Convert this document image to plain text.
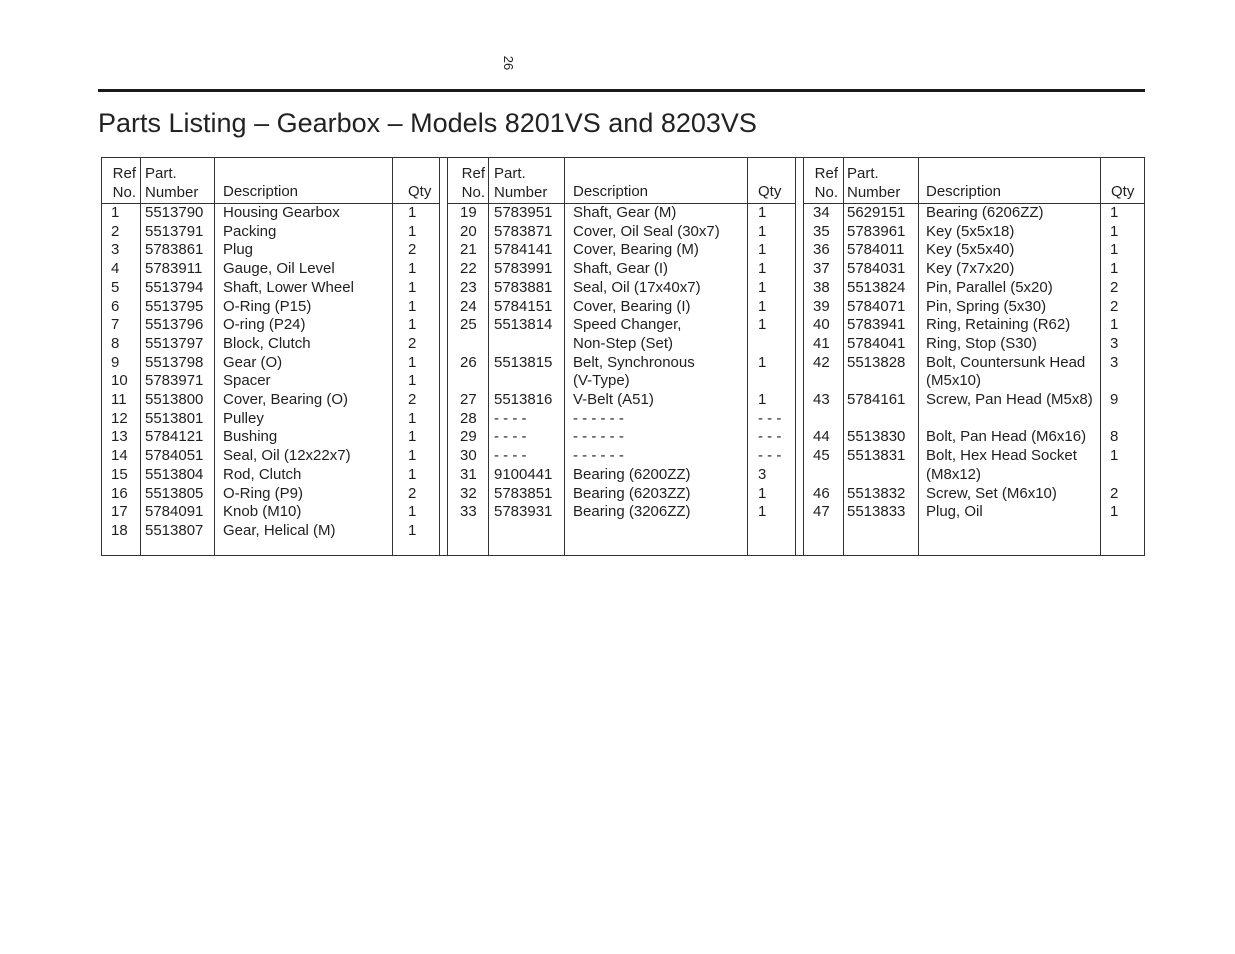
26
Parts Listing – Gearbox – Models 8201VS and 8203VS
Ref
No.
Part.
Number Description	Qty
1 5513790 Housing Gearbox	1
2 5513791 Packing	1
3 5783861 Plug	2
4 5783911 Gauge, Oil Level	1
5 5513794 Shaft, Lower Wheel	1
6 5513795 O-Ring (P15)	1
7 5513796 O-ring (P24)	1
8 5513797 Block, Clutch	2
9 5513798 Gear (O)	1
10 5783971 Spacer	1
11 5513800 Cover, Bearing (O)	2
12 5513801 Pulley	1
13 5784121 Bushing	1
14 5784051 Seal, Oil (12x22x7)	1
15 5513804 Rod, Clutch	1
16 5513805 O-Ring (P9)	2
17 5784091 Knob (M10)	1
18 5513807 Gear, Helical (M)	1
Ref
No.
Part.
Number Description	Qty
19 5783951 Shaft, Gear (M)	1
20 5783871 Cover, Oil Seal (30x7)	1
21 5784141 Cover, Bearing (M)	1
22 5783991 Shaft, Gear (I)	1
23 5783881 Seal, Oil (17x40x7)	1
24 5784151 Cover, Bearing (I)	1
25 5513814 Speed Changer,
Non-Step (Set)
1
26 5513815 Belt, Synchronous
(V-Type)
1
27 5513816 V-Belt (A51)	1
28 - - - -	- - - - - -	- - -
29 - - - -	- - - - - -	- - -
30 - - - -	- - - - - -	- - -
31 9100441 Bearing (6200ZZ)	3
32 5783851 Bearing (6203ZZ)	1
33 5783931 Bearing (3206ZZ)	1
Ref
No.
Part.
Number Description	Qty
34 5629151 Bearing (6206ZZ)	1
35 5783961 Key (5x5x18)	1
36 5784011 Key (5x5x40)	1
37 5784031 Key (7x7x20)	1
38 5513824 Pin, Parallel (5x20)	2
39 5784071 Pin, Spring (5x30)	2
40 5783941 Ring, Retaining (R62)	1
41 5784041 Ring, Stop (S30)	3
42 5513828 Bolt, Countersunk Head
(M5x10)
3
43 5784161 Screw, Pan Head (M5x8) 9
44 5513830 Bolt, Pan Head (M6x16) 8
45 5513831 Bolt, Hex Head Socket
(M8x12)
1
46 5513832 Screw, Set (M6x10)	2
47 5513833 Plug, Oil	1
